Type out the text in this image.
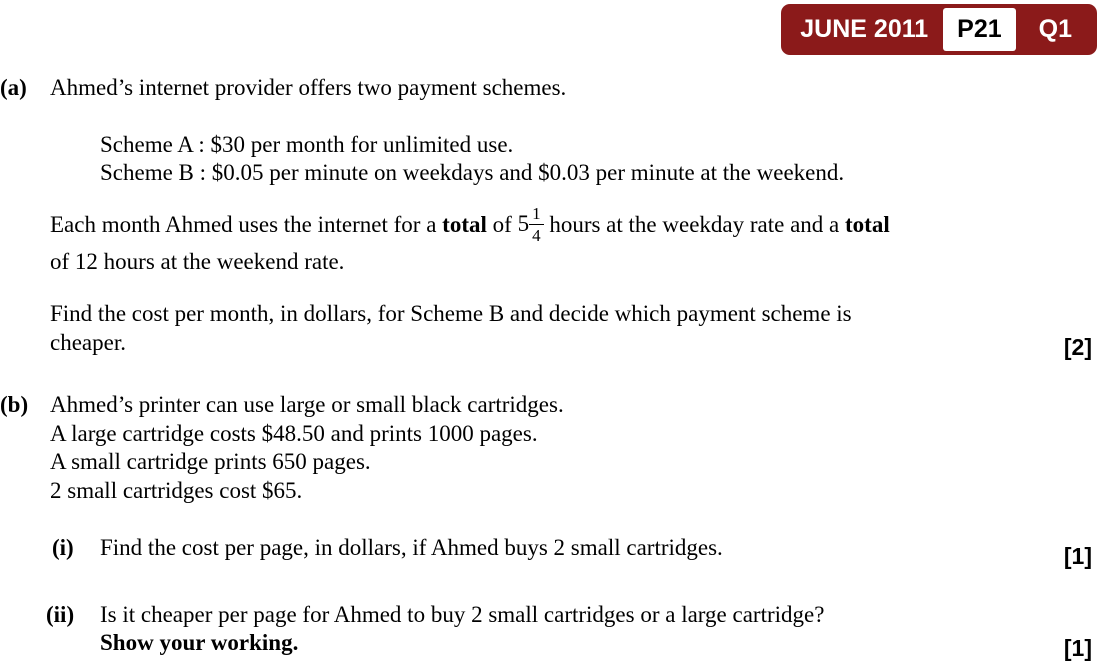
JUNE 2011 P21 Q1
(a) Ahmed’s internet provider offers two payment schemes.
Scheme A : $30 per month for unlimited use.
Scheme B : $0.05 per minute on weekdays and $0.03 per minute at the weekend.
Each month Ahmed uses the internet for a total of $5 \frac{1}{4}$ hours at the weekday rate and a total
of 12 hours at the weekend rate.
Find the cost per month, in dollars, for Scheme B and decide which payment scheme is
cheaper.	[2]
(b) Ahmed’s printer can use large or small black cartridges.
A large cartridge costs $48.50 and prints 1000 pages.
A small cartridge prints 650 pages.
2 small cartridges cost $65.
(i) Find the cost per page, in dollars, if Ahmed buys 2 small cartridges.	[1]
(ii) Is it cheaper per page for Ahmed to buy 2 small cartridges or a large cartridge?
Show your working.	[1]
